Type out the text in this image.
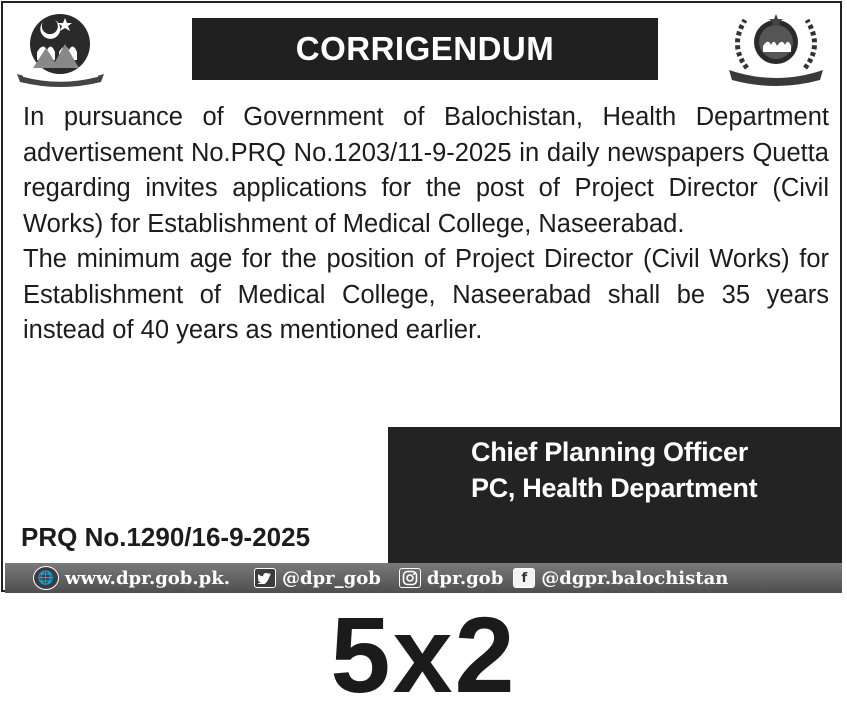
CORRIGENDUM

In pursuance of Government of Balochistan, Health Department advertisement No.PRQ No.1203/11-9-2025 in daily newspapers Quetta regarding invites applications for the post of Project Director (Civil Works) for Establishment of Medical College, Naseerabad.

The minimum age for the position of Project Director (Civil Works) for Establishment of Medical College, Naseerabad shall be 35 years instead of 40 years as mentioned earlier.

Chief Planning Officer
PC, Health Department
PRQ No.1290/16-9-2025
🌐 www.dpr.gob.pk.	@dpr_gob	dpr.gob	f @dgpr.balochistan
5x2
